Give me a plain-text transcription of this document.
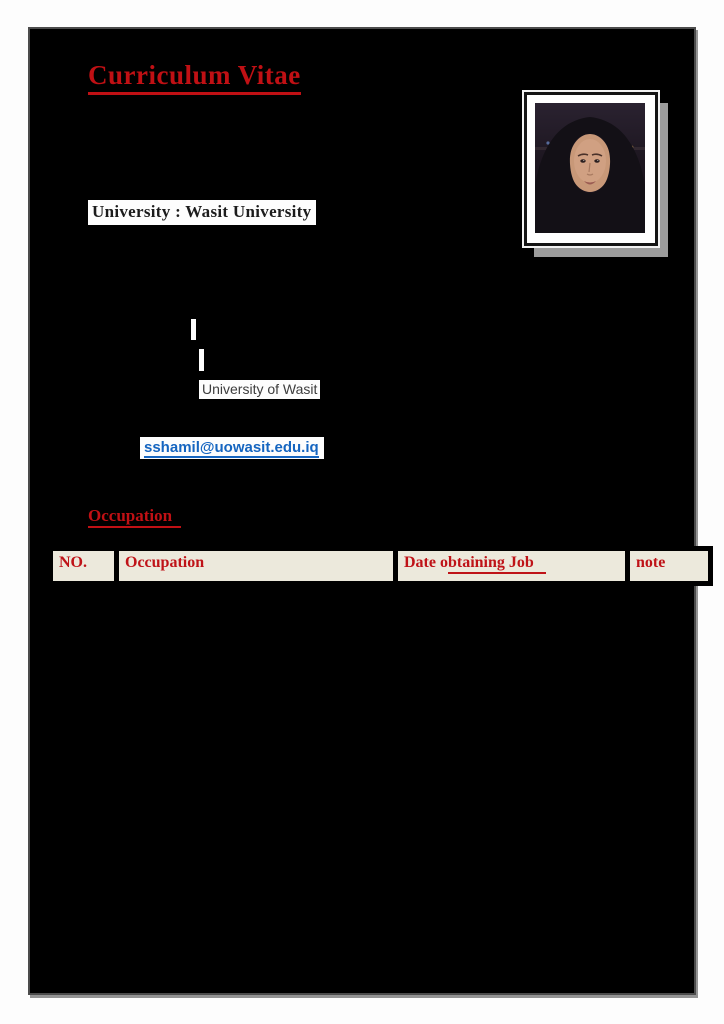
Curriculum Vitae
University : Wasit University
University of Wasit
sshamil@uowasit.edu.iq
Occupation
NO.	Occupation	Date obtaining Job	note
